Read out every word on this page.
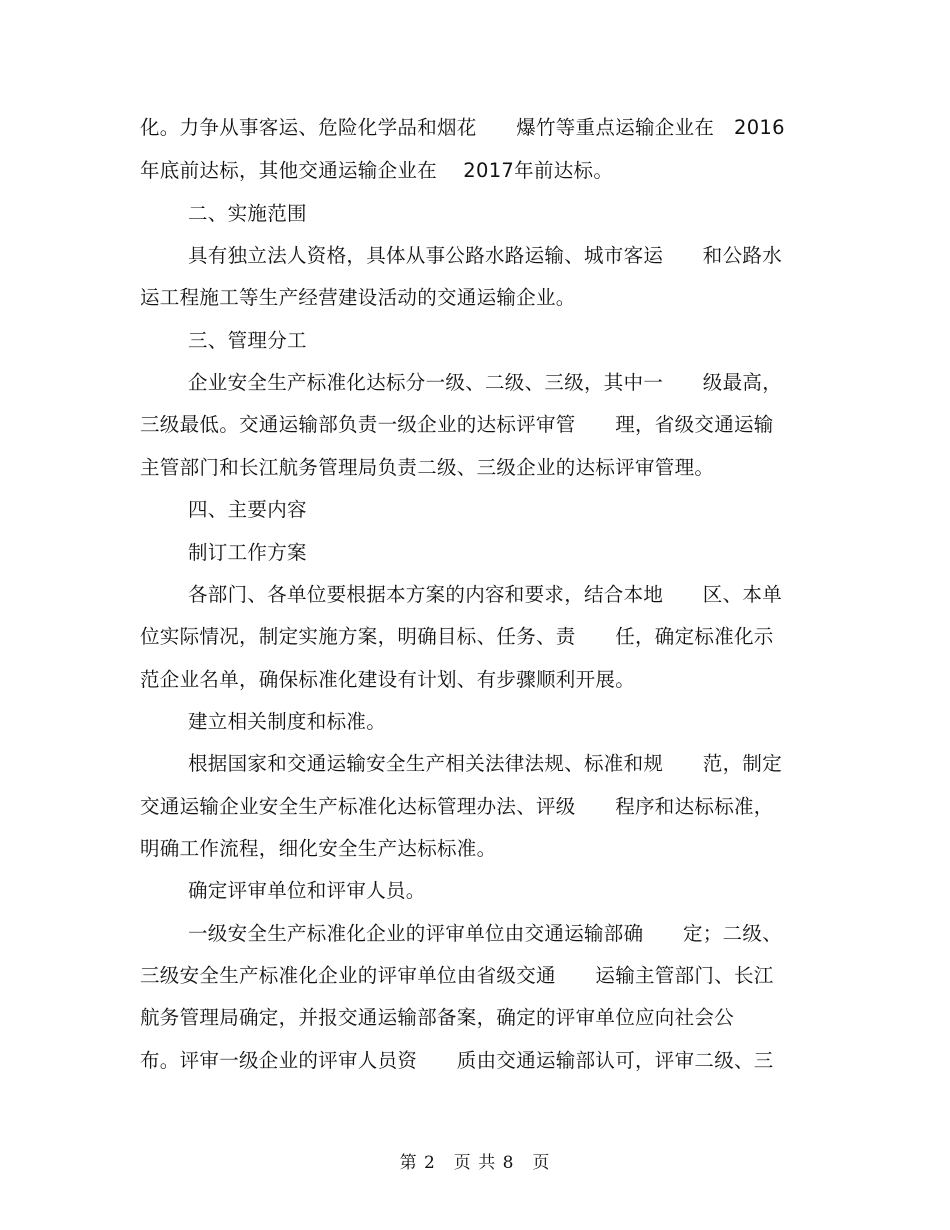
化。力争从事客运、危险化学品和烟花　　爆竹等重点运输企业在　2016
年底前达标，其他交通运输企业在　 2017年前达标。
二、实施范围
具有独立法人资格，具体从事公路水路运输、城市客运　　和公路水
运工程施工等生产经营建设活动的交通运输企业。
三、管理分工
企业安全生产标准化达标分一级、二级、三级，其中一　　级最高，
三级最低。交通运输部负责一级企业的达标评审管　　理，省级交通运输
主管部门和长江航务管理局负责二级、三级企业的达标评审管理。
四、主要内容
制订工作方案
各部门、各单位要根据本方案的内容和要求，结合本地　　区、本单
位实际情况，制定实施方案，明确目标、任务、责　　任，确定标准化示
范企业名单，确保标准化建设有计划、有步骤顺利开展。
建立相关制度和标准。
根据国家和交通运输安全生产相关法律法规、标准和规　　范，制定
交通运输企业安全生产标准化达标管理办法、评级　　程序和达标标准，
明确工作流程，细化安全生产达标标准。
确定评审单位和评审人员。
一级安全生产标准化企业的评审单位由交通运输部确　　定；二级、
三级安全生产标准化企业的评审单位由省级交通　　运输主管部门、长江
航务管理局确定，并报交通运输部备案，确定的评审单位应向社会公
布。评审一级企业的评审人员资　　质由交通运输部认可，评审二级、三
第 2　页 共 8　页
